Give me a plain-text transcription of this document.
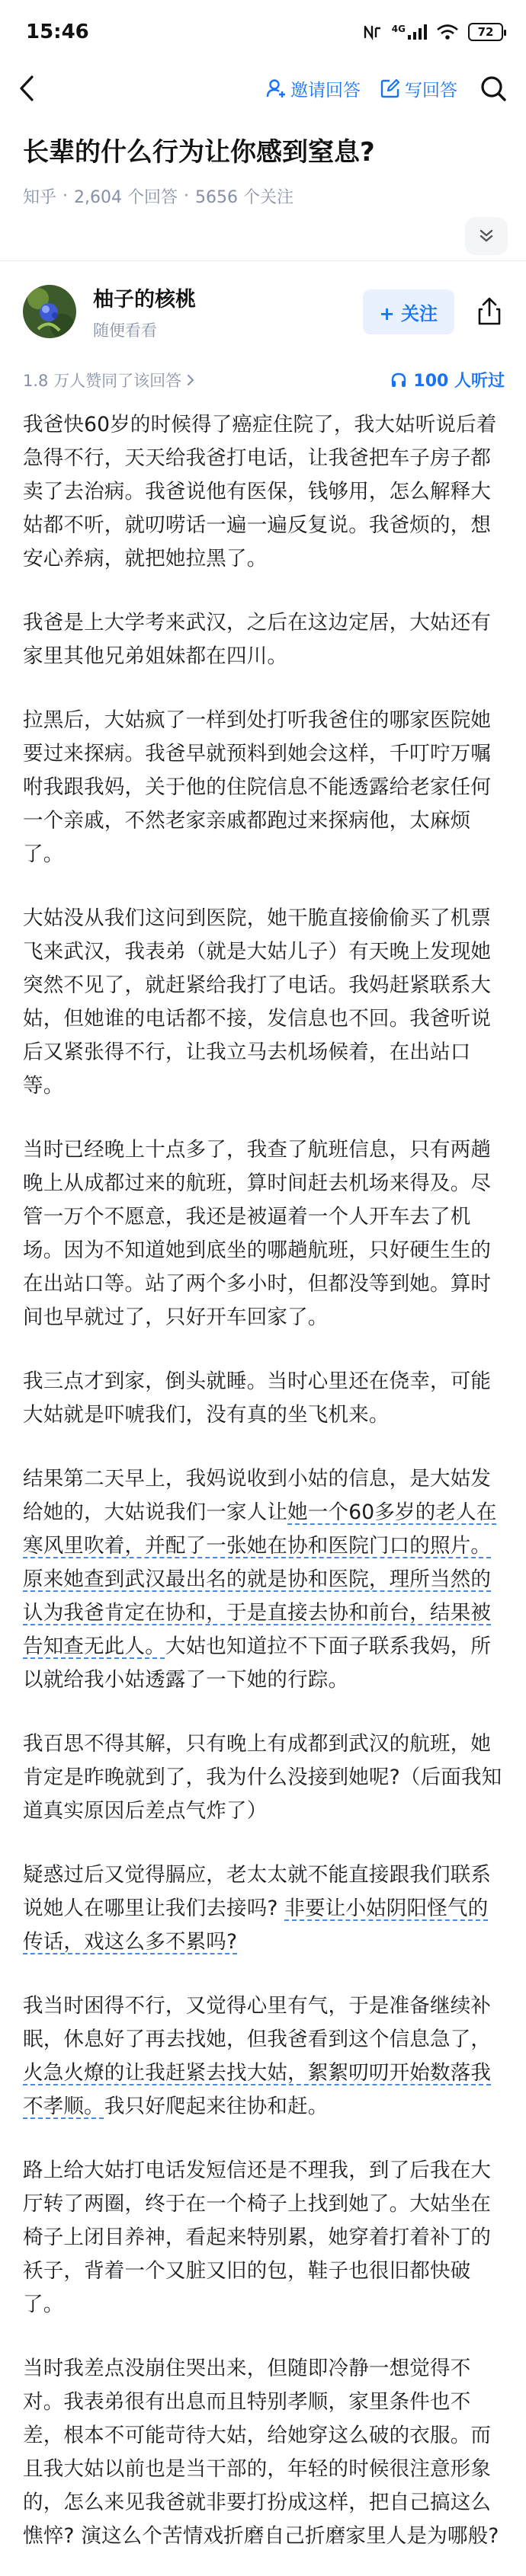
15:46	4G	72
邀请回答	写回答
长辈的什么行为让你感到窒息?
知乎 · 2,604 个回答 · 5656 个关注
柚子的核桃
随便看看
+ 关注
1.8 万人赞同了该回答	100 人听过

我爸快60岁的时候得了癌症住院了，我大姑听说后着急得不行，天天给我爸打电话，让我爸把车子房子都卖了去治病。我爸说他有医保，钱够用，怎么解释大姑都不听，就叨唠话一遍一遍反复说。我爸烦的，想安心养病，就把她拉黑了。

我爸是上大学考来武汉，之后在这边定居，大姑还有家里其他兄弟姐妹都在四川。

拉黑后，大姑疯了一样到处打听我爸住的哪家医院她要过来探病。我爸早就预料到她会这样，千叮咛万嘱咐我跟我妈，关于他的住院信息不能透露给老家任何一个亲戚，不然老家亲戚都跑过来探病他，太麻烦了。

大姑没从我们这问到医院，她干脆直接偷偷买了机票飞来武汉，我表弟（就是大姑儿子）有天晚上发现她突然不见了，就赶紧给我打了电话。我妈赶紧联系大姑，但她谁的电话都不接，发信息也不回。我爸听说后又紧张得不行，让我立马去机场候着，在出站口等。

当时已经晚上十点多了，我查了航班信息，只有两趟晚上从成都过来的航班，算时间赶去机场来得及。尽管一万个不愿意，我还是被逼着一个人开车去了机场。因为不知道她到底坐的哪趟航班，只好硬生生的在出站口等。站了两个多小时，但都没等到她。算时间也早就过了，只好开车回家了。

我三点才到家，倒头就睡。当时心里还在侥幸，可能大姑就是吓唬我们，没有真的坐飞机来。

结果第二天早上，我妈说收到小姑的信息，是大姑发给她的，大姑说我们一家人让她一个60多岁的老人在寒风里吹着，并配了一张她在协和医院门口的照片。原来她查到武汉最出名的就是协和医院，理所当然的认为我爸肯定在协和，于是直接去协和前台，结果被告知查无此人。大姑也知道拉不下面子联系我妈，所以就给我小姑透露了一下她的行踪。

我百思不得其解，只有晚上有成都到武汉的航班，她肯定是昨晚就到了，我为什么没接到她呢?（后面我知道真实原因后差点气炸了）

疑惑过后又觉得膈应，老太太就不能直接跟我们联系说她人在哪里让我们去接吗? 非要让小姑阴阳怪气的传话，戏这么多不累吗?

我当时困得不行，又觉得心里有气，于是准备继续补眠，休息好了再去找她，但我爸看到这个信息急了，火急火燎的让我赶紧去找大姑，絮絮叨叨开始数落我不孝顺。我只好爬起来往协和赶。

路上给大姑打电话发短信还是不理我，到了后我在大厅转了两圈，终于在一个椅子上找到她了。大姑坐在椅子上闭目养神，看起来特别累，她穿着打着补丁的袄子，背着一个又脏又旧的包，鞋子也很旧都快破了。

当时我差点没崩住哭出来，但随即冷静一想觉得不对。我表弟很有出息而且特别孝顺，家里条件也不差，根本不可能苛待大姑，给她穿这么破的衣服。而且我大姑以前也是当干部的，年轻的时候很注意形象的，怎么来见我爸就非要打扮成这样，把自己搞这么憔悴? 演这么个苦情戏折磨自己折磨家里人是为哪般?
